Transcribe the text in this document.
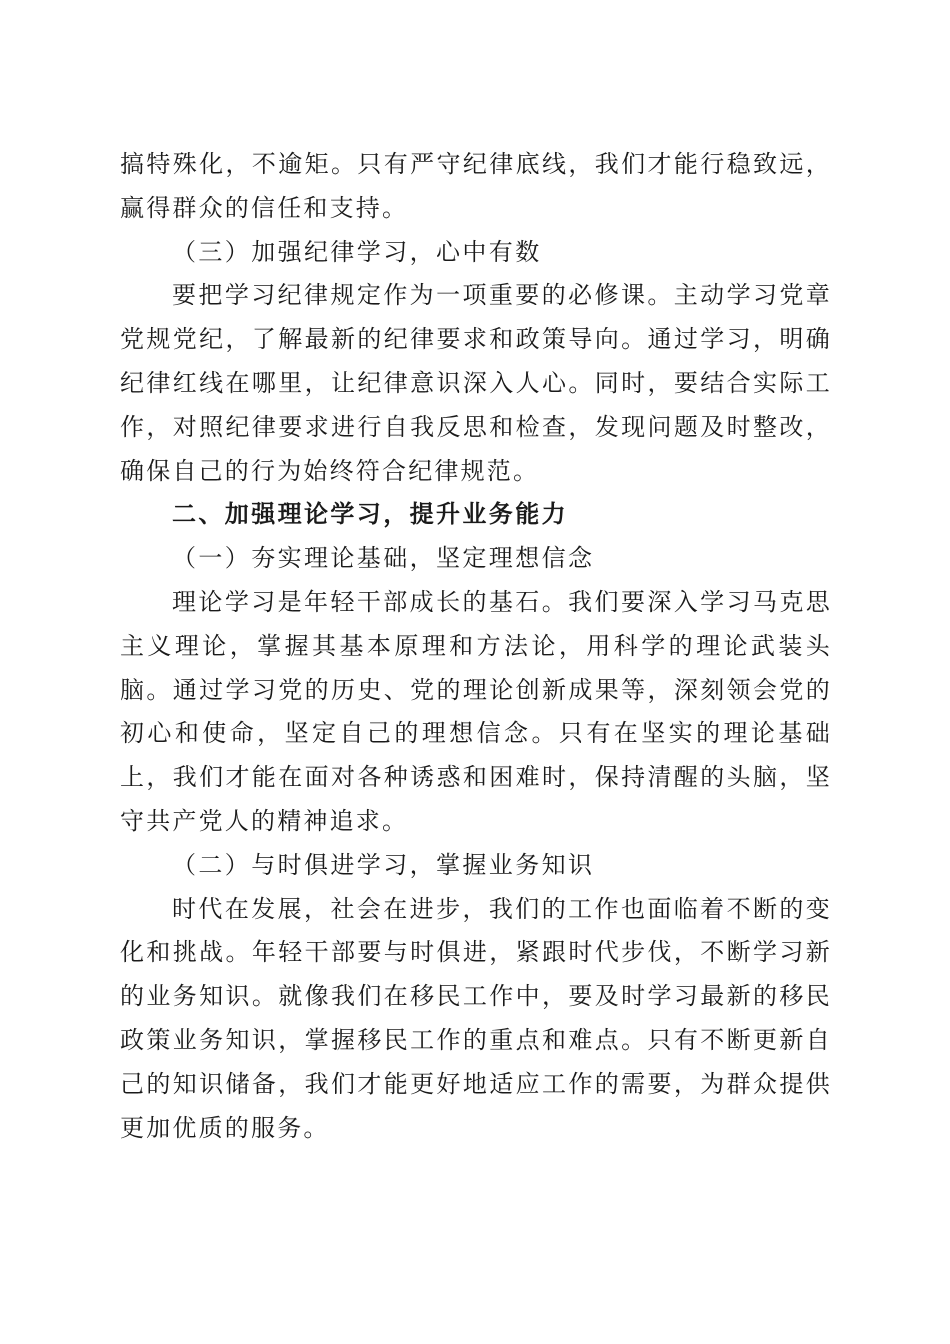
搞特殊化，不逾矩。只有严守纪律底线，我们才能行稳致远，赢得群众的信任和支持。

（三）加强纪律学习，心中有数

要把学习纪律规定作为一项重要的必修课。主动学习党章党规党纪，了解最新的纪律要求和政策导向。通过学习，明确纪律红线在哪里，让纪律意识深入人心。同时，要结合实际工作，对照纪律要求进行自我反思和检查，发现问题及时整改，确保自己的行为始终符合纪律规范。

二、加强理论学习，提升业务能力

（一）夯实理论基础，坚定理想信念

理论学习是年轻干部成长的基石。我们要深入学习马克思主义理论，掌握其基本原理和方法论，用科学的理论武装头脑。通过学习党的历史、党的理论创新成果等，深刻领会党的初心和使命，坚定自己的理想信念。只有在坚实的理论基础上，我们才能在面对各种诱惑和困难时，保持清醒的头脑，坚守共产党人的精神追求。

（二）与时俱进学习，掌握业务知识

时代在发展，社会在进步，我们的工作也面临着不断的变化和挑战。年轻干部要与时俱进，紧跟时代步伐，不断学习新的业务知识。就像我们在移民工作中，要及时学习最新的移民政策业务知识，掌握移民工作的重点和难点。只有不断更新自己的知识储备，我们才能更好地适应工作的需要，为群众提供更加优质的服务。
